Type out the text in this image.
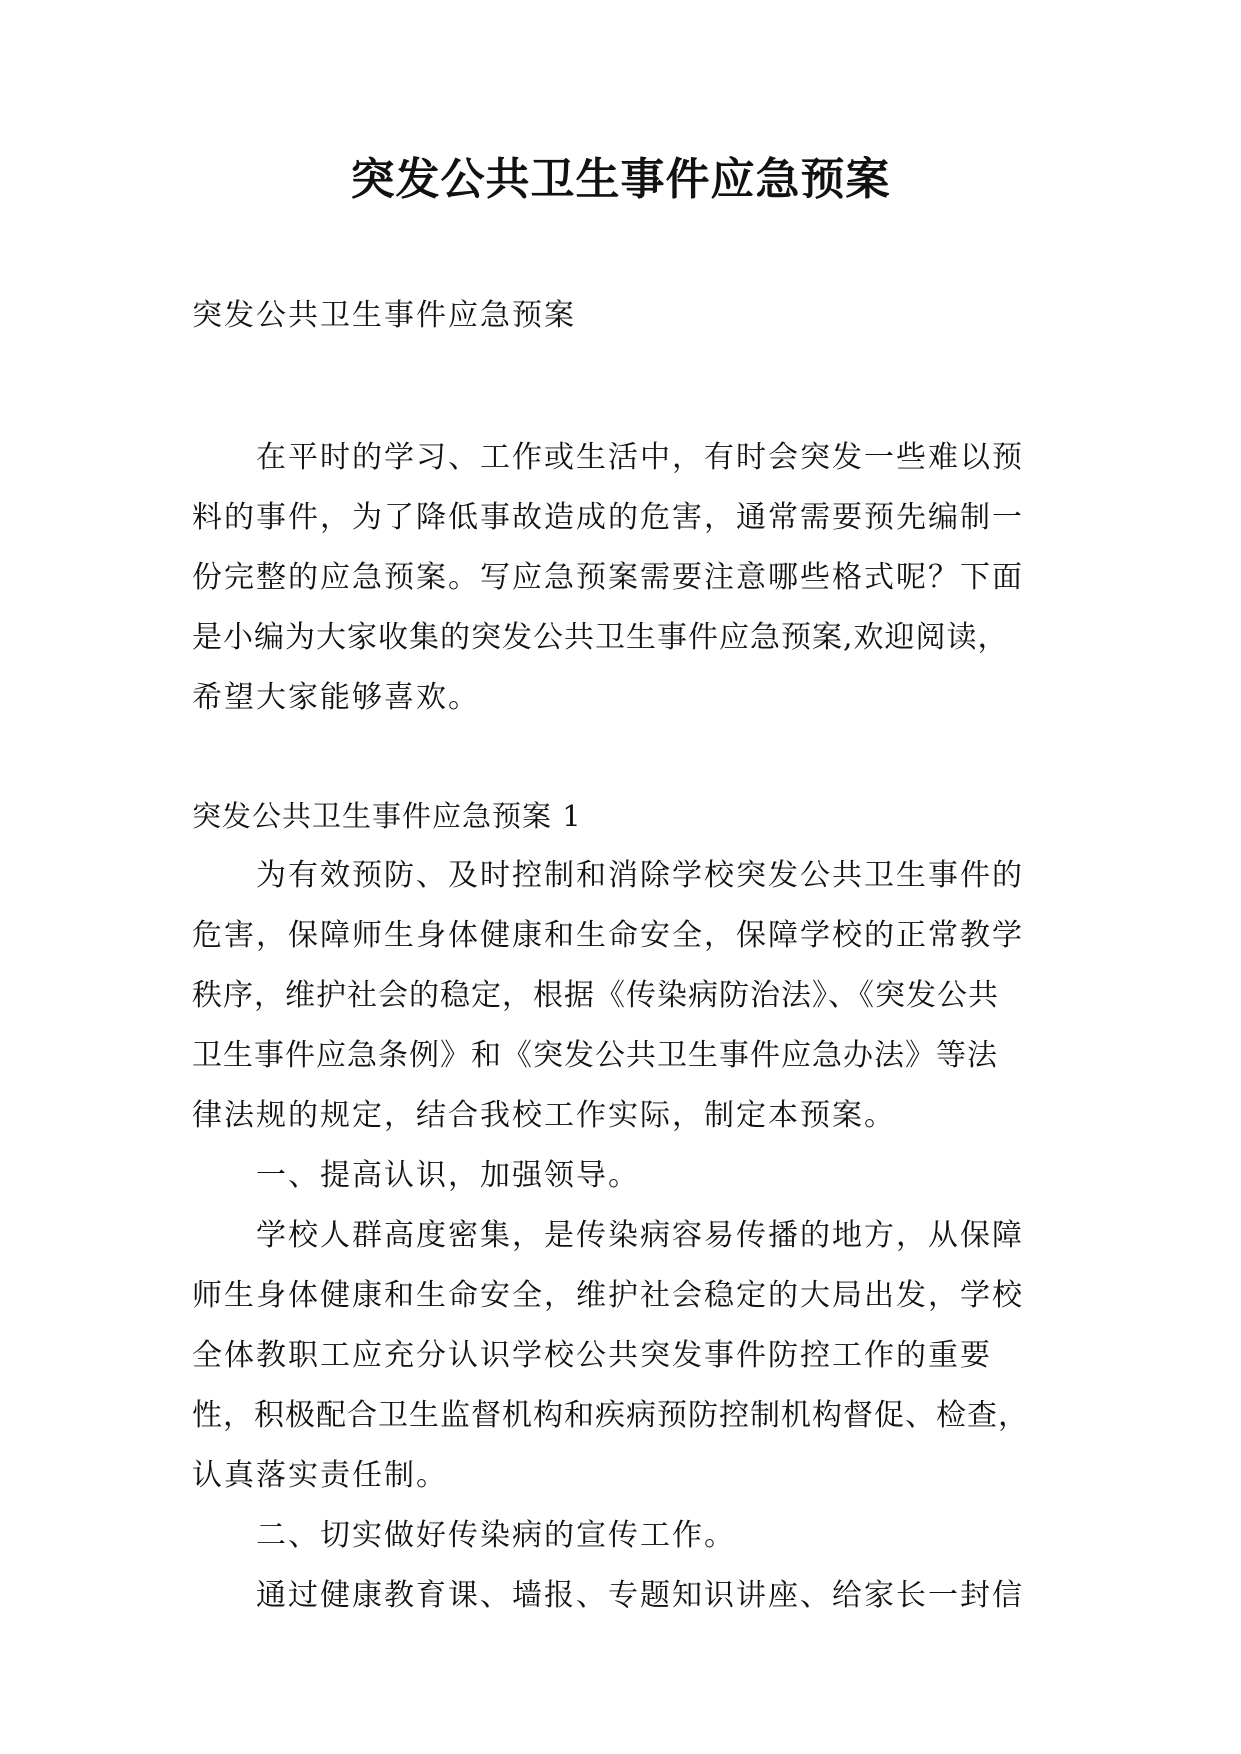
突发公共卫生事件应急预案
突发公共卫生事件应急预案
在平时的学习、工作或生活中，有时会突发一些难以预
料的事件，为了降低事故造成的危害，通常需要预先编制一
份完整的应急预案。写应急预案需要注意哪些格式呢？下面
是小编为大家收集的突发公共卫生事件应急预案,欢迎阅读，
希望大家能够喜欢。
突发公共卫生事件应急预案 1
为有效预防、及时控制和消除学校突发公共卫生事件的
危害，保障师生身体健康和生命安全，保障学校的正常教学
秩序，维护社会的稳定，根据《传染病防治法》、《突发公共
卫生事件应急条例》和《突发公共卫生事件应急办法》等法
律法规的规定，结合我校工作实际，制定本预案。
一、提高认识，加强领导。
学校人群高度密集，是传染病容易传播的地方，从保障
师生身体健康和生命安全，维护社会稳定的大局出发，学校
全体教职工应充分认识学校公共突发事件防控工作的重要
性，积极配合卫生监督机构和疾病预防控制机构督促、检查，
认真落实责任制。
二、切实做好传染病的宣传工作。
通过健康教育课、墙报、专题知识讲座、给家长一封信
